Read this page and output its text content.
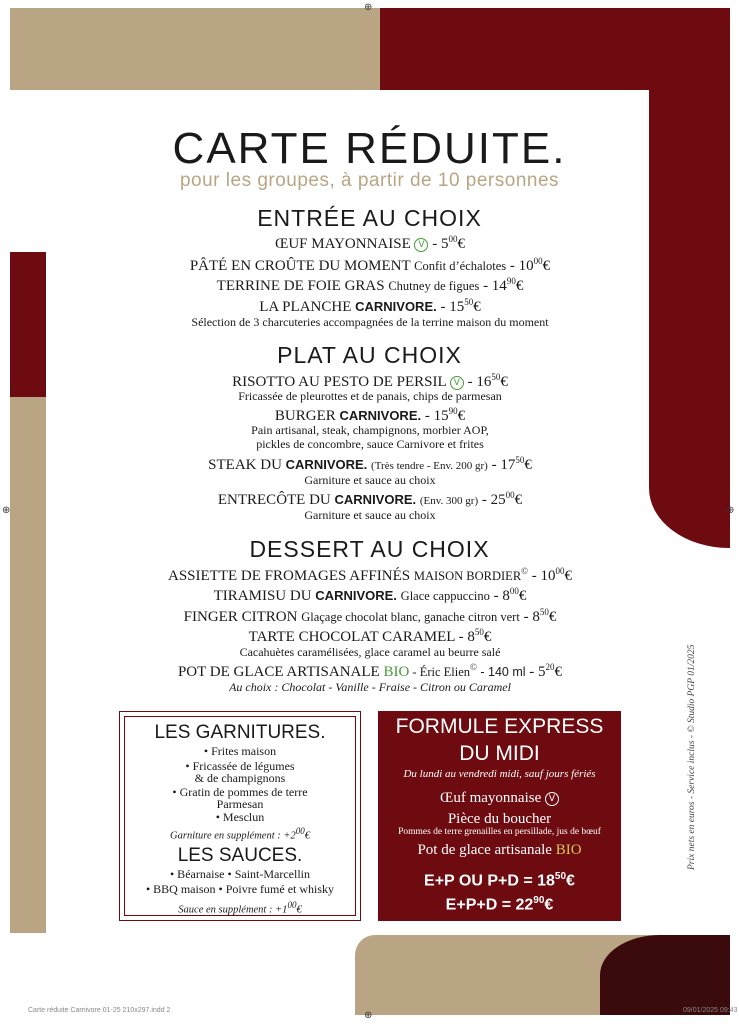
⊕
⊕	⊕
⊕
CARTE RÉDUITE.
pour les groupes, à partir de 10 personnes
ENTRÉE AU CHOIX
ŒUF MAYONNAISE V - $5^{00}€$
PÂTÉ EN CROÛTE DU MOMENT Confit d’échalotes - $10^{00}€$
TERRINE DE FOIE GRAS Chutney de figues - $14^{90}€$
LA PLANCHE CARNIVORE. - $15^{50}€$
Sélection de 3 charcuteries accompagnées de la terrine maison du moment
PLAT AU CHOIX
RISOTTO AU PESTO DE PERSIL V - $16^{50}€$
Fricassée de pleurottes et de panais, chips de parmesan
BURGER CARNIVORE. - $15^{90}€$
Pain artisanal, steak, champignons, morbier AOP,
pickles de concombre, sauce Carnivore et frites
STEAK DU CARNIVORE. (Très tendre - Env. 200 $gr) - 17^{50}€$
Garniture et sauce au choix
ENTRECÔTE DU CARNIVORE. (Env. 300 $gr) - 25^{00}€$
Garniture et sauce au choix
DESSERT AU CHOIX
ASSIETTE DE FROMAGES AFFINÉS MAISON BORDIER© - $10^{00}€$
TIRAMISU DU CARNIVORE. Glace cappuccino - $8^{00}€$
FINGER CITRON Glaçage chocolat blanc, ganache citron vert - $8^{50}€$
TARTE CHOCOLAT CARAMEL - $8^{50}€$
Cacahuètes caramélisées, glace caramel au beurre salé
POT DE GLACE ARTISANALE BIO - Éric Elien© - 140 ml - $5^{20}€$
Au choix : Chocolat - Vanille - Fraise - Citron ou Caramel
LES GARNITURES.
• Frites maison
• Fricassée de légumes
& de champignons
• Gratin de pommes de terre
Parmesan
• Mesclun
Garniture en supplément : $+2^{00}€$
LES SAUCES.
• Béarnaise • Saint-Marcellin
• BBQ maison • Poivre fumé et whisky
Sauce en supplément : $+1^{00}€$
FORMULE EXPRESS
DU MIDI
Du lundi au vendredi midi, sauf jours fériés
Œuf mayonnaise V
Pièce du boucher
Pommes de terre grenailles en persillade, jus de bœuf
Pot de glace artisanale BIO
E+P OU $P+D = 18^{50}€$
$E+P+D = 22^{90}€$
Prix nets en euros - Service inclus - © Studio PGP 01/2025
Carte réduite Carnivore 01-25 210x297.indd 2	09/01/2025 09:43
